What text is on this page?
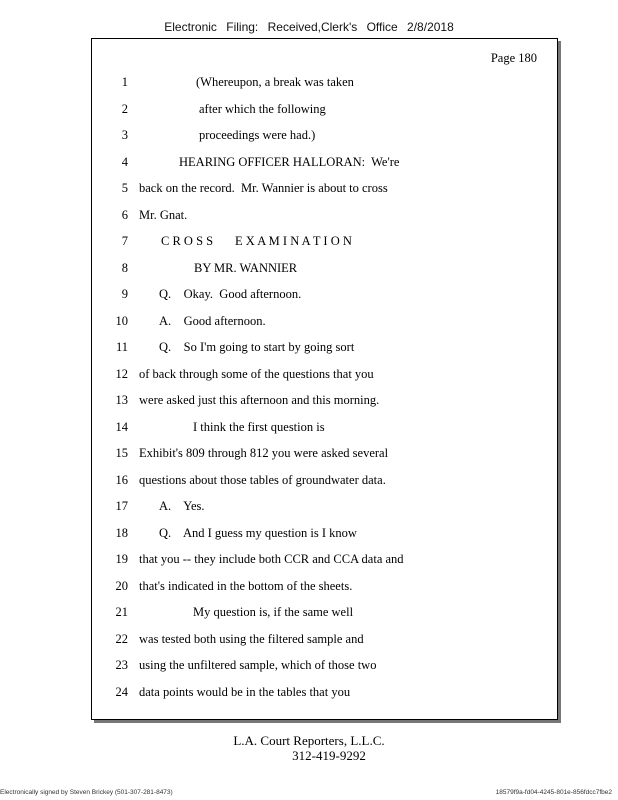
Electronic Filing: Received,Clerk's Office 2/8/2018
Page 180
1	(Whereupon, a break was taken
2	after which the following
3	proceedings were had.)
4	HEARING OFFICER HALLORAN:  We're
5 back on the record.  Mr. Wannier is about to cross
6 Mr. Gnat.
7	C R O S S       E X A M I N A T I O N
8	BY MR. WANNIER
9 Q.    Okay.  Good afternoon.
10 A.    Good afternoon.
11 Q.    So I'm going to start by going sort
12 of back through some of the questions that you
13 were asked just this afternoon and this morning.
14	I think the first question is
15 Exhibit's 809 through 812 you were asked several
16 questions about those tables of groundwater data.
17 A.    Yes.
18 Q.    And I guess my question is I know
19 that you -- they include both CCR and CCA data and
20 that's indicated in the bottom of the sheets.
21	My question is, if the same well
22 was tested both using the filtered sample and
23 using the unfiltered sample, which of those two
24 data points would be in the tables that you
L.A. Court Reporters, L.L.C.
312-419-9292
Electronically signed by Steven Brickey (501-307-281-8473)	18579f9a-fd04-4245-801e-856fdcc7fbe2
